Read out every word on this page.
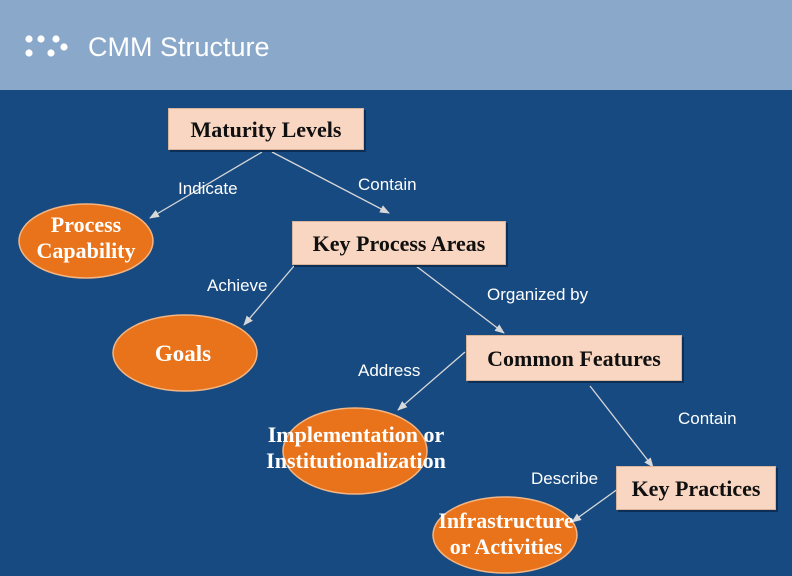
CMM Structure
Maturity Levels
Key Process Areas
Common Features
Key Practices
Process
Capability
Goals
Implementation or
Institutionalization
Infrastructure
or Activities
Indicate	Contain
Achieve	Organized by
Address
Contain
Describe
